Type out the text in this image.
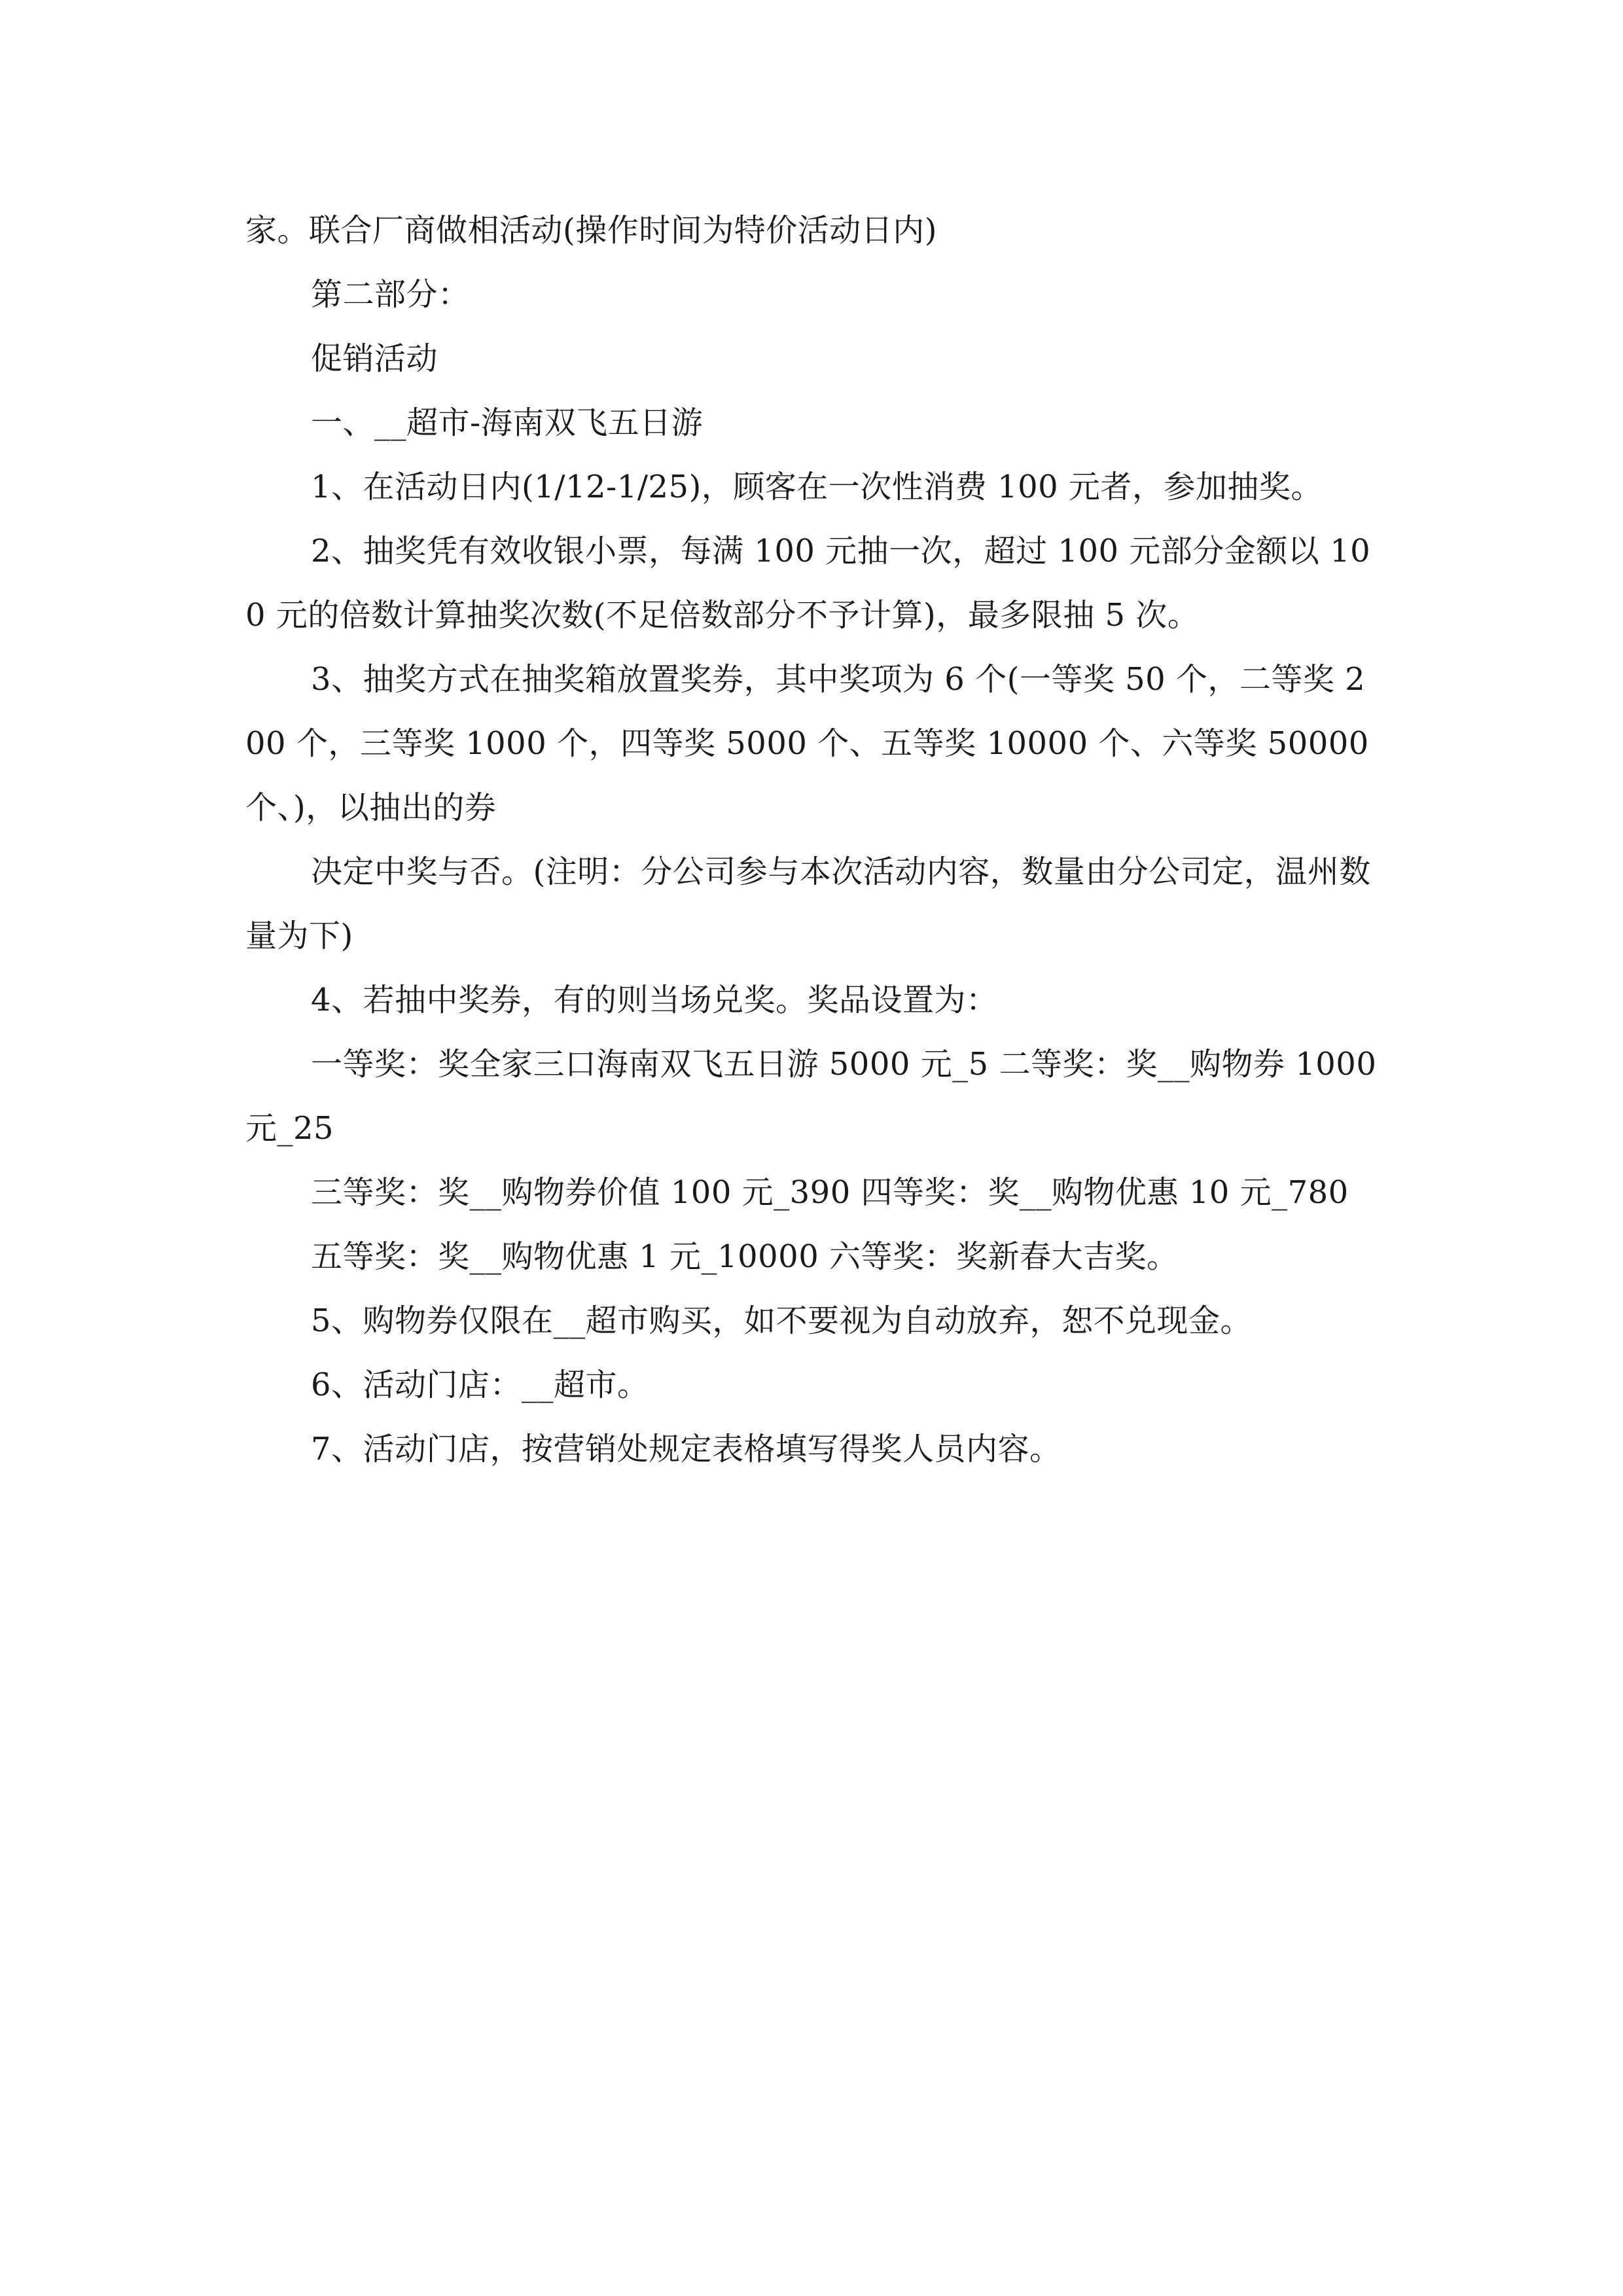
家。联合厂商做相活动(操作时间为特价活动日内)

第二部分：

促销活动

一、__超市-海南双飞五日游

1、在活动日内(1/12-1/25)，顾客在一次性消费 100 元者，参加抽奖。

2、抽奖凭有效收银小票，每满 100 元抽一次，超过 100 元部分金额以 100 元的倍数计算抽奖次数(不足倍数部分不予计算)，最多限抽 5 次。

3、抽奖方式在抽奖箱放置奖券，其中奖项为 6 个(一等奖 50 个，二等奖 200 个，三等奖 1000 个，四等奖 5000 个、五等奖 10000 个、六等奖 50000 个、)，以抽出的券

决定中奖与否。(注明：分公司参与本次活动内容，数量由分公司定，温州数量为下)

4、若抽中奖券，有的则当场兑奖。奖品设置为：

一等奖：奖全家三口海南双飞五日游 5000 元_5 二等奖：奖__购物券 1000 元_25

三等奖：奖__购物券价值 100 元_390 四等奖：奖__购物优惠 10 元_780

五等奖：奖__购物优惠 1 元_10000 六等奖：奖新春大吉奖。

5、购物券仅限在__超市购买，如不要视为自动放弃，恕不兑现金。

6、活动门店：__超市。

7、活动门店，按营销处规定表格填写得奖人员内容。
